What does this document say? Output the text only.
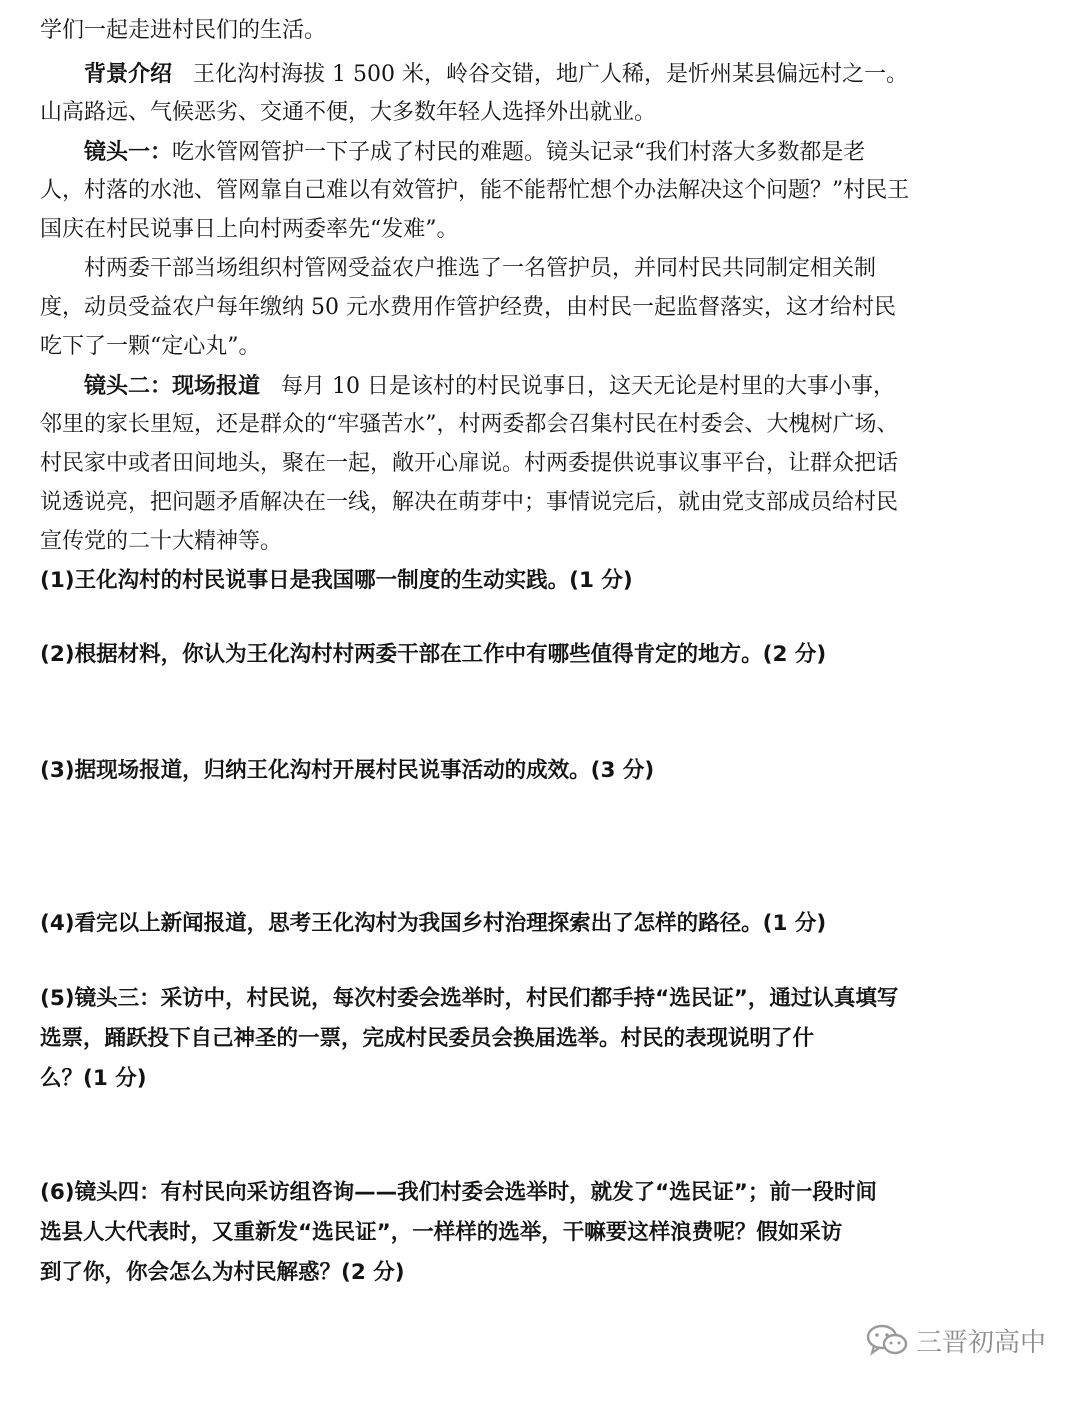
学们一起走进村民们的生活。
背景介绍 王化沟村海拔 1 500 米，岭谷交错，地广人稀，是忻州某县偏远村之一。
山高路远、气候恶劣、交通不便，大多数年轻人选择外出就业。
镜头一：吃水管网管护一下子成了村民的难题。镜头记录“我们村落大多数都是老
人，村落的水池、管网靠自己难以有效管护，能不能帮忙想个办法解决这个问题？”村民王
国庆在村民说事日上向村两委率先“发难”。
村两委干部当场组织村管网受益农户推选了一名管护员，并同村民共同制定相关制
度，动员受益农户每年缴纳 50 元水费用作管护经费，由村民一起监督落实，这才给村民
吃下了一颗“定心丸”。
镜头二：现场报道 每月 10 日是该村的村民说事日，这天无论是村里的大事小事，
邻里的家长里短，还是群众的“牢骚苦水”，村两委都会召集村民在村委会、大槐树广场、
村民家中或者田间地头，聚在一起，敞开心扉说。村两委提供说事议事平台，让群众把话
说透说亮，把问题矛盾解决在一线，解决在萌芽中；事情说完后，就由党支部成员给村民
宣传党的二十大精神等。
(1)王化沟村的村民说事日是我国哪一制度的生动实践。(1 分)
(2)根据材料，你认为王化沟村村两委干部在工作中有哪些值得肯定的地方。(2 分)
(3)据现场报道，归纳王化沟村开展村民说事活动的成效。(3 分)
(4)看完以上新闻报道，思考王化沟村为我国乡村治理探索出了怎样的路径。(1 分)
(5)镜头三：采访中，村民说，每次村委会选举时，村民们都手持“选民证”，通过认真填写
选票，踊跃投下自己神圣的一票，完成村民委员会换届选举。村民的表现说明了什
么？(1 分)
(6)镜头四：有村民向采访组咨询——我们村委会选举时，就发了“选民证”；前一段时间
选县人大代表时，又重新发“选民证”，一样样的选举，干嘛要这样浪费呢？假如采访
到了你，你会怎么为村民解惑？(2 分)
三晋初高中
